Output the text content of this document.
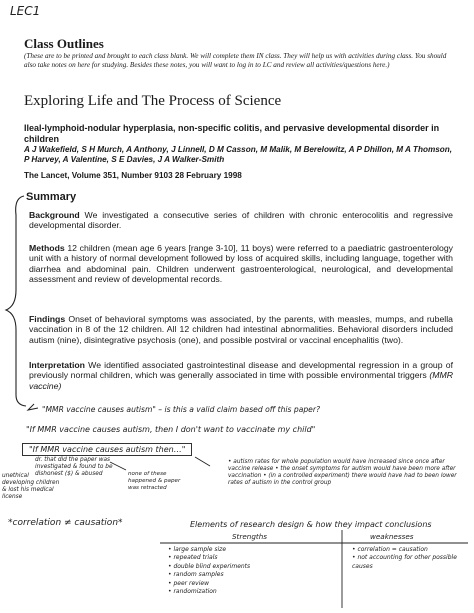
LEC1
Class Outlines
(These are to be printed and brought to each class blank. We will complete them IN class. They will help us with activities during class. You should also take notes on here for studying. Besides these notes, you will want to log in to LC and review all activities/questions here.)
Exploring Life and The Process of Science
Ileal-lymphoid-nodular hyperplasia, non-specific colitis, and pervasive developmental disorder in children
A J Wakefield, S H Murch, A Anthony, J Linnell, D M Casson, M Malik, M Berelowitz, A P Dhillon, M A Thomson, P Harvey, A Valentine, S E Davies, J A Walker-Smith
The Lancet, Volume 351, Number 9103 28 February 1998
Summary
Background We investigated a consecutive series of children with chronic enterocolitis and regressive developmental disorder.
Methods 12 children (mean age 6 years [range 3-10], 11 boys) were referred to a paediatric gastroenterology unit with a history of normal development followed by loss of acquired skills, including language, together with diarrhea and abdominal pain. Children underwent gastroenterological, neurological, and developmental assessment and review of developmental records.
Findings Onset of behavioral symptoms was associated, by the parents, with measles, mumps, and rubella vaccination in 8 of the 12 children. All 12 children had intestinal abnormalities. Behavioral disorders included autism (nine), disintegrative psychosis (one), and possible postviral or vaccinal encephalitis (two).
Interpretation We identified associated gastrointestinal disease and developmental regression in a group of previously normal children, which was generally associated in time with possible environmental triggers (MMR vaccine)
"MMR vaccine causes autism" – is this a valid claim based off this paper?
"If MMR vaccine causes autism, then I don't want to vaccinate my child"
"If MMR vaccine causes autism then…"
dr. that did the paper was investigated & found to be dishonest ($) & abused
unethical developing children & lost his medical license
none of these happened & paper was retracted
• autism rates for whole population would have increased since once after vaccine release • the onset symptoms for autism would have been more after vaccination • (in a controlled experiment) there would have had to been lower rates of autism in the control group
*correlation ≠ causation*	Elements of research design & how they impact conclusions
Strengths	weaknesses
• large sample size
• repeated trials
• double blind experiments
• random samples
• peer review
• randomization
• correlation = causation
• not accounting for other possible causes
